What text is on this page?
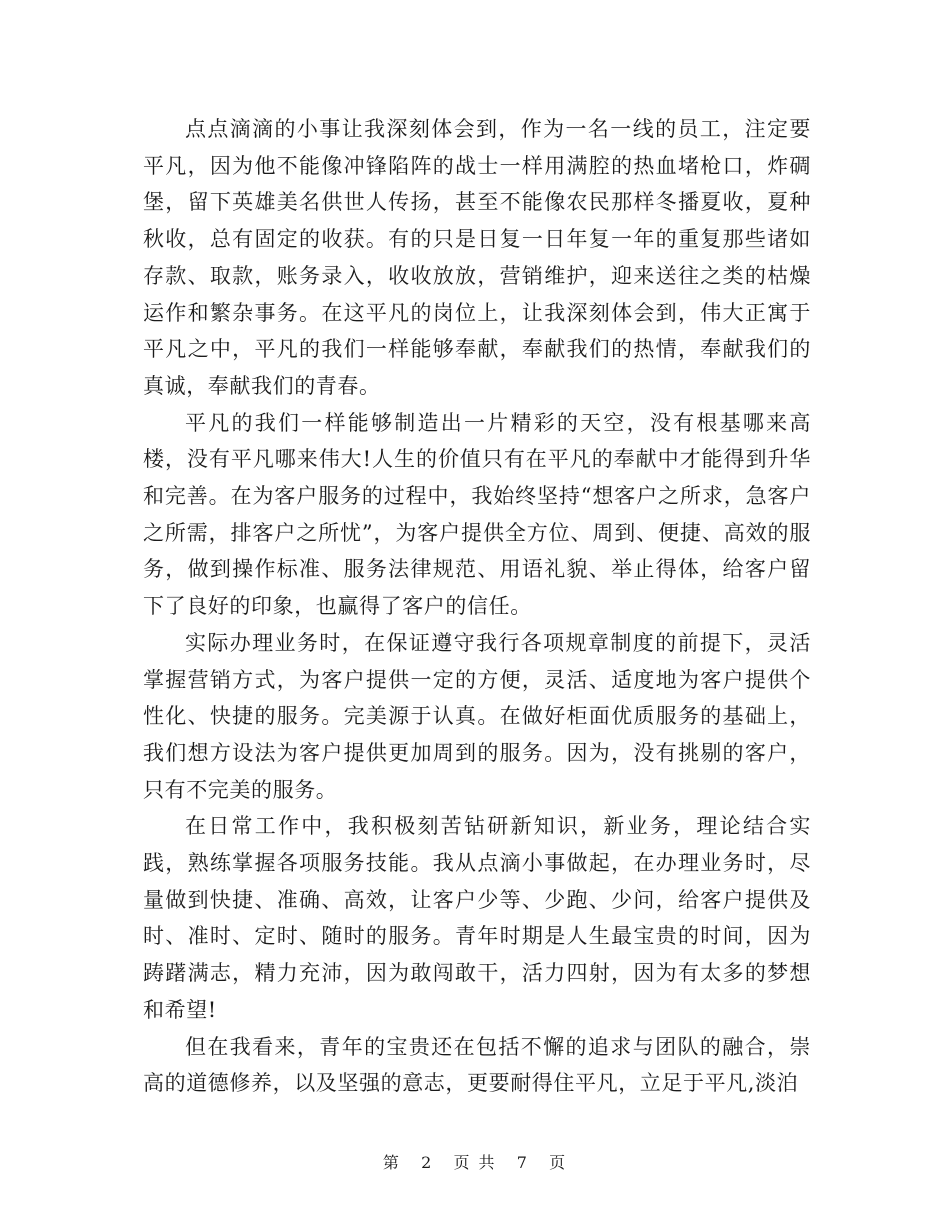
点点滴滴的小事让我深刻体会到，作为一名一线的员工，注定要平凡，因为他不能像冲锋陷阵的战士一样用满腔的热血堵枪口，炸碉堡，留下英雄美名供世人传扬，甚至不能像农民那样冬播夏收，夏种秋收，总有固定的收获。有的只是日复一日年复一年的重复那些诸如存款、取款，账务录入，收收放放，营销维护，迎来送往之类的枯燥运作和繁杂事务。在这平凡的岗位上，让我深刻体会到，伟大正寓于平凡之中，平凡的我们一样能够奉献，奉献我们的热情，奉献我们的真诚，奉献我们的青春。

平凡的我们一样能够制造出一片精彩的天空，没有根基哪来高楼，没有平凡哪来伟大!人生的价值只有在平凡的奉献中才能得到升华和完善。在为客户服务的过程中，我始终坚持“想客户之所求，急客户之所需，排客户之所忧”，为客户提供全方位、周到、便捷、高效的服务，做到操作标准、服务法律规范、用语礼貌、举止得体，给客户留下了良好的印象，也赢得了客户的信任。

实际办理业务时，在保证遵守我行各项规章制度的前提下，灵活掌握营销方式，为客户提供一定的方便，灵活、适度地为客户提供个性化、快捷的服务。完美源于认真。在做好柜面优质服务的基础上，我们想方设法为客户提供更加周到的服务。因为，没有挑剔的客户，只有不完美的服务。

在日常工作中，我积极刻苦钻研新知识，新业务，理论结合实践，熟练掌握各项服务技能。我从点滴小事做起，在办理业务时，尽量做到快捷、准确、高效，让客户少等、少跑、少问，给客户提供及时、准时、定时、随时的服务。青年时期是人生最宝贵的时间，因为踌躇满志，精力充沛，因为敢闯敢干，活力四射，因为有太多的梦想和希望!

但在我看来，青年的宝贵还在包括不懈的追求与团队的融合，崇高的道德修养，以及坚强的意志，更要耐得住平凡，立足于平凡,淡泊

第 2 页 共 7 页
